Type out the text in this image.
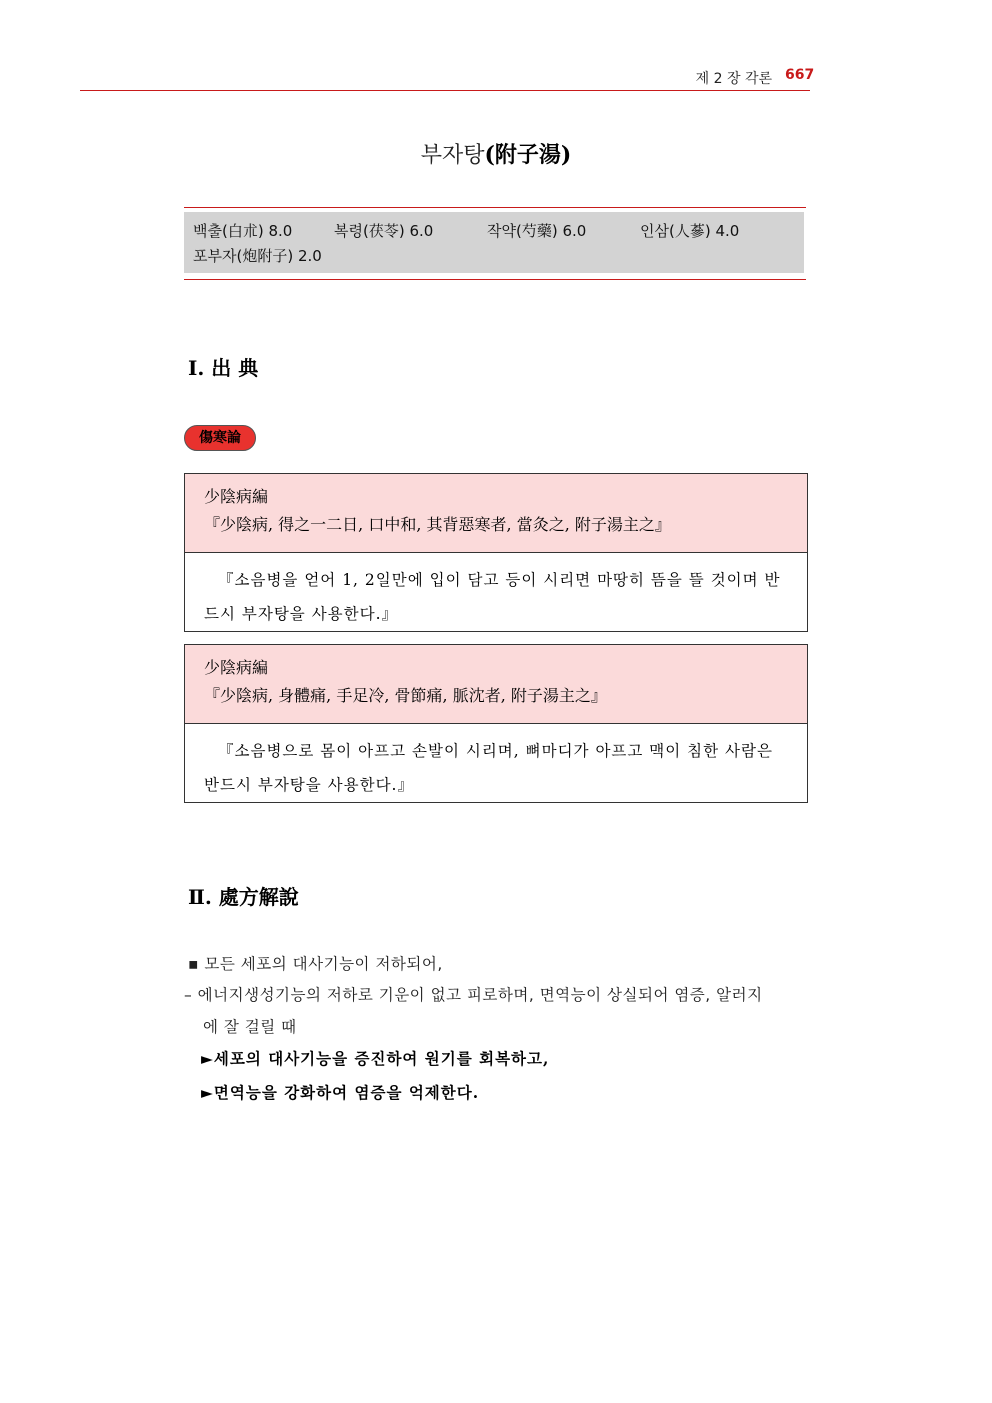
제 2 장 각론 667
부자탕(附子湯)
백출(白朮) 8.0	복령(茯苓) 6.0	작약(芍藥) 6.0	인삼(人蔘) 4.0
포부자(炮附子) 2.0
Ⅰ. 出 典
傷寒論
少陰病編
『少陰病, 得之一二日, 口中和, 其背惡寒者, 當灸之, 附子湯主之』
『소음병을 얻어 1, 2일만에 입이 담고 등이 시리면 마땅히 뜸을 뜰 것이며 반드시 부자탕을 사용한다.』
少陰病編
『少陰病, 身體痛, 手足冷, 骨節痛, 脈沈者, 附子湯主之』
『소음병으로 몸이 아프고 손발이 시리며, 뼈마디가 아프고 맥이 침한 사람은 반드시 부자탕을 사용한다.』
Ⅱ. 處方解說
▪ 모든 세포의 대사기능이 저하되어,
– 에너지생성기능의 저하로 기운이 없고 피로하며, 면역능이 상실되어 염증, 알러지
에 잘 걸릴 때
►세포의 대사기능을 증진하여 원기를 회복하고,
►면역능을 강화하여 염증을 억제한다.
